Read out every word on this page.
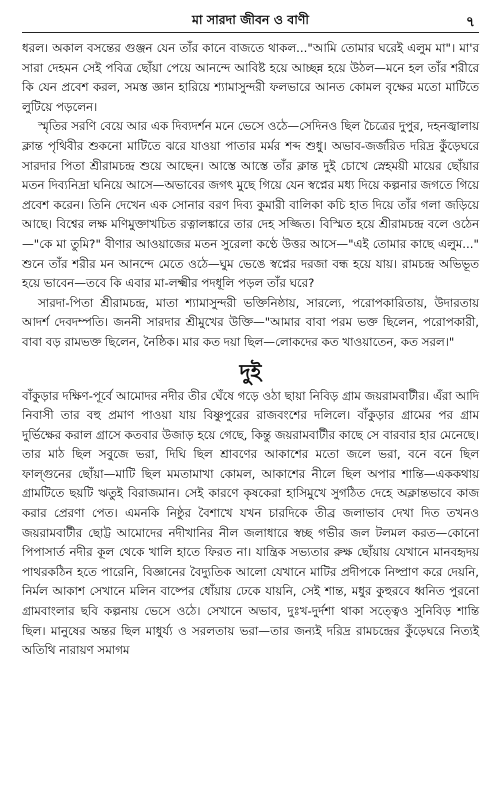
মা সারদা জীবন ও বাণী	৭

ধরল। অকাল বসন্তের গুঞ্জন যেন তাঁর কানে বাজতে থাকল..."আমি তোমার ঘরেই এলুম মা"। মা'র সারা দেহমন সেই পবিত্র ছোঁয়া পেয়ে আনন্দে আবিষ্ট হয়ে আচ্ছন্ন হয়ে উঠল—মনে হল তাঁর শরীরে কি যেন প্রবেশ করল, সমস্ত জ্ঞান হারিয়ে শ্যামাসুন্দরী ফলভারে আনত কোমল বৃক্ষের মতো মাটিতে লুটিয়ে পড়লেন।

স্মৃতির সরণি বেয়ে আর এক দিব্যদর্শন মনে ভেসে ওঠে—সেদিনও ছিল চৈত্রের দুপুর, দহনজ্বালায় ক্লান্ত পৃথিবীর শুকনো মাটিতে ঝরে যাওয়া পাতার মর্মর শব্দ শুধু। অভাব-জর্জরিত দরিদ্র কুঁড়েঘরে সারদার পিতা শ্রীরামচন্দ্র শুয়ে আছেন। আস্তে আস্তে তাঁর ক্লান্ত দুই চোখে স্নেহময়ী মায়ের ছোঁয়ার মতন দিব্যনিদ্রা ঘনিয়ে আসে—অভাবের জগৎ মুছে গিয়ে যেন স্বপ্নের মধ্য দিয়ে কল্পনার জগতে গিয়ে প্রবেশ করেন। তিনি দেখেন এক সোনার বরণ দিব্য কুমারী বালিকা কচি হাত দিয়ে তাঁর গলা জড়িয়ে আছে। বিশ্বের লক্ষ মণিমুক্তাখচিত রত্নালঙ্কারে তার দেহ সজ্জিত। বিস্মিত হয়ে শ্রীরামচন্দ্র বলে ওঠেন—"কে মা তুমি?" বীণার আওয়াজের মতন সুরেলা কণ্ঠে উত্তর আসে—"এই তোমার কাছে এলুম..." শুনে তাঁর শরীর মন আনন্দে মেতে ওঠে—ঘুম ভেঙে স্বপ্নের দরজা বন্ধ হয়ে যায়। রামচন্দ্র অভিভূত হয়ে ভাবেন—তবে কি এবার মা-লক্ষ্মীর পদধূলি পড়ল তাঁর ঘরে?

সারদা-পিতা শ্রীরামচন্দ্র, মাতা শ্যামাসুন্দরী ভক্তিনিষ্ঠায়, সারল্যে, পরোপকারিতায়, উদারতায় আদর্শ দেবদম্পতি। জননী সারদার শ্রীমুখের উক্তি—"আমার বাবা পরম ভক্ত ছিলেন, পরোপকারী, বাবা বড় রামভক্ত ছিলেন, নৈষ্ঠিক। মার কত দয়া ছিল—লোকদের কত খাওয়াতেন, কত সরল।"

দুই

বাঁকুড়ার দক্ষিণ-পূর্বে আমোদর নদীর তীর ঘেঁষে গড়ে ওঠা ছায়া নিবিড় গ্রাম জয়রামবাটীর। এঁরা আদি নিবাসী তার বহু প্রমাণ পাওয়া যায় বিষ্ণুপুরের রাজবংশের দলিলে। বাঁকুড়ার গ্রামের পর গ্রাম দুর্ভিক্ষের করাল গ্রাসে কতবার উজাড় হয়ে গেছে, কিন্তু জয়রামবাটীর কাছে সে বারবার হার মেনেছে। তার মাঠ ছিল সবুজে ভরা, দিঘি ছিল শ্রাবণের আকাশের মতো জলে ভরা, বনে বনে ছিল ফাল্গুনের ছোঁয়া—মাটি ছিল মমতামাখা কোমল, আকাশের নীলে ছিল অপার শান্তি—এককথায় গ্রামটিতে ছয়টি ঋতুই বিরাজমান। সেই কারণে কৃষকেরা হাসিমুখে সুগঠিত দেহে অক্লান্তভাবে কাজ করার প্রেরণা পেত। এমনকি নিষ্ঠুর বৈশাখে যখন চারদিকে তীব্র জলাভাব দেখা দিত তখনও জয়রামবাটীর ছোট্ট আমোদের নদীখানির নীল জলাধারে স্বচ্ছ গভীর জল টলমল করত—কোনো পিপাসার্ত নদীর কূল থেকে খালি হাতে ফিরত না। যান্ত্রিক সভ্যতার রুক্ষ ছোঁয়ায় যেখানে মানবহৃদয় পাথরকঠিন হতে পারেনি, বিজ্ঞানের বৈদ্যুতিক আলো যেখানে মাটির প্রদীপকে নিষ্প্রাণ করে দেয়নি, নির্মল আকাশ সেখানে মলিন বাষ্পের ধোঁয়ায় ঢেকে যায়নি, সেই শান্ত, মধুর কুহুরবে ধ্বনিত পুরনো গ্রামবাংলার ছবি কল্পনায় ভেসে ওঠে। সেখানে অভাব, দুঃখ-দুর্দশা থাকা সত্ত্বেও সুনিবিড় শান্তি ছিল। মানুষের অন্তর ছিল মাধুর্য্য ও সরলতায় ভরা—তার জন্যই দরিদ্র রামচন্দ্রের কুঁড়েঘরে নিত্যই অতিথি নারায়ণ সমাগম
